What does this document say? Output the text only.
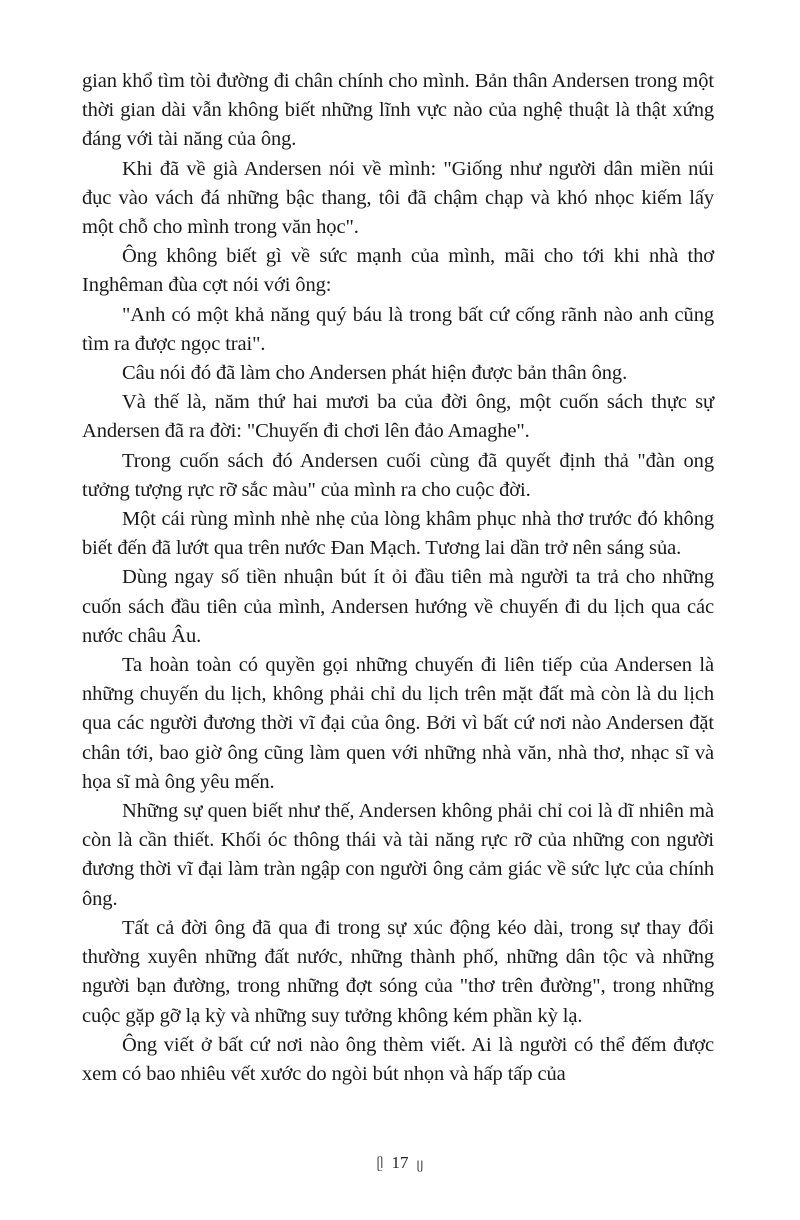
gian khổ tìm tòi đường đi chân chính cho mình. Bản thân Andersen trong một thời gian dài vẫn không biết những lĩnh vực nào của nghệ thuật là thật xứng đáng với tài năng của ông.

Khi đã về già Andersen nói về mình: "Giống như người dân miền núi đục vào vách đá những bậc thang, tôi đã chậm chạp và khó nhọc kiếm lấy một chỗ cho mình trong văn học".

Ông không biết gì về sức mạnh của mình, mãi cho tới khi nhà thơ Inghêman đùa cợt nói với ông:

"Anh có một khả năng quý báu là trong bất cứ cống rãnh nào anh cũng tìm ra được ngọc trai".

Câu nói đó đã làm cho Andersen phát hiện được bản thân ông.

Và thế là, năm thứ hai mươi ba của đời ông, một cuốn sách thực sự Andersen đã ra đời: "Chuyến đi chơi lên đảo Amaghe".

Trong cuốn sách đó Andersen cuối cùng đã quyết định thả "đàn ong tưởng tượng rực rỡ sắc màu" của mình ra cho cuộc đời.

Một cái rùng mình nhè nhẹ của lòng khâm phục nhà thơ trước đó không biết đến đã lướt qua trên nước Đan Mạch. Tương lai dần trở nên sáng sủa.

Dùng ngay số tiền nhuận bút ít ỏi đầu tiên mà người ta trả cho những cuốn sách đầu tiên của mình, Andersen hướng về chuyến đi du lịch qua các nước châu Âu.

Ta hoàn toàn có quyền gọi những chuyến đi liên tiếp của Andersen là những chuyến du lịch, không phải chỉ du lịch trên mặt đất mà còn là du lịch qua các người đương thời vĩ đại của ông. Bởi vì bất cứ nơi nào Andersen đặt chân tới, bao giờ ông cũng làm quen với những nhà văn, nhà thơ, nhạc sĩ và họa sĩ mà ông yêu mến.

Những sự quen biết như thế, Andersen không phải chỉ coi là dĩ nhiên mà còn là cần thiết. Khối óc thông thái và tài năng rực rỡ của những con người đương thời vĩ đại làm tràn ngập con người ông cảm giác về sức lực của chính ông.

Tất cả đời ông đã qua đi trong sự xúc động kéo dài, trong sự thay đổi thường xuyên những đất nước, những thành phố, những dân tộc và những người bạn đường, trong những đợt sóng của "thơ trên đường", trong những cuộc gặp gỡ lạ kỳ và những suy tưởng không kém phần kỳ lạ.

Ông viết ở bất cứ nơi nào ông thèm viết. Ai là người có thể đếm được xem có bao nhiêu vết xước do ngòi bút nhọn và hấp tấp của

ᥫ 17 ᥩ
